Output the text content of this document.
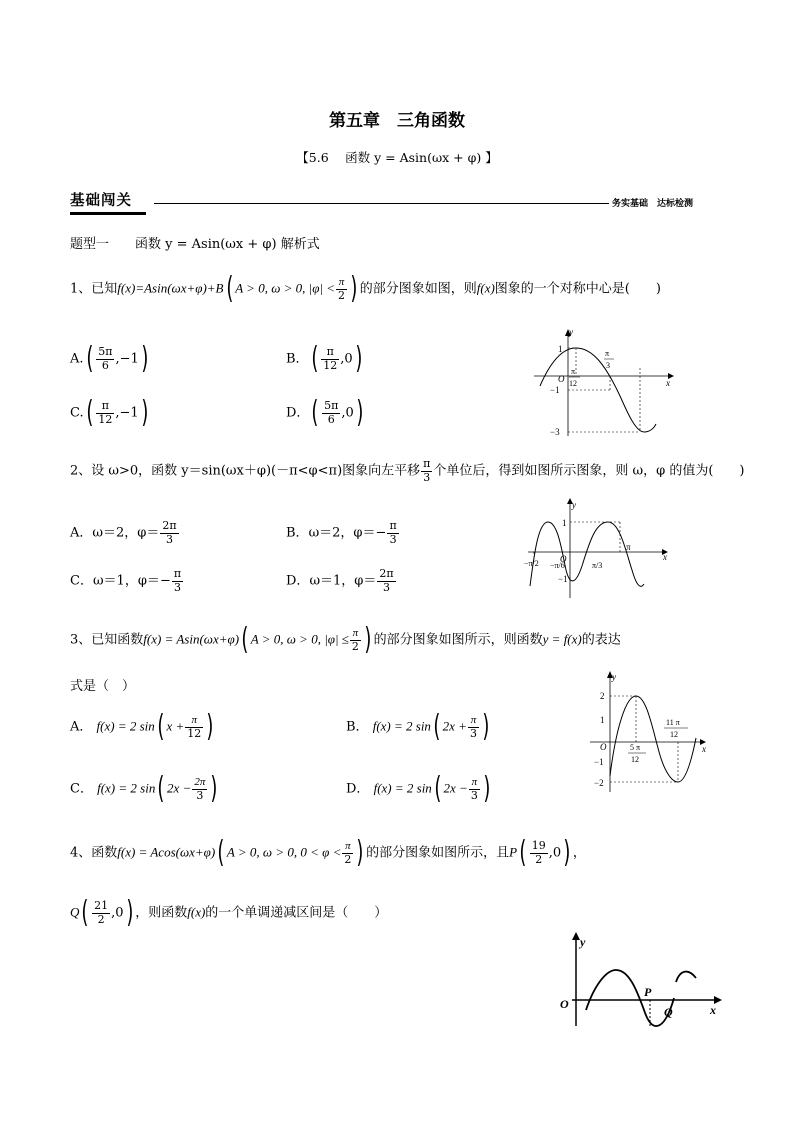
第五章　三角函数
【5.6　 函数 y = Asin(ωx + φ) 】
基础闯关	务实基础　达标检测
题型一　　函数 y = Asin(ωx + φ) 解析式
1、已知f(x)=Asin(ωx+φ)+B( A > 0, ω > 0, $|\varphi| < \frac{\pi}{2}$ ) 的部分图象如图，则f(x)图象的一个对称中心是(　　)
$A.( \frac{5\pi}{6} ,-1)$	B．( $\frac{\pi}{12} ,0$)
$C.( \frac{\pi}{12} ,-1)$	D．( $\frac{5\pi}{6} ,0$)
y
x
1
−1
−3
O
π
12
π
3
2、设 ω>0，函数 y＝sin(ωx＋φ)(－π<φ<π)图象向左平移 $\frac{\pi}{3}$ 个单位后，得到如图所示图象，则 ω，φ 的值为(　　)
A．ω＝2，$\varphi= \frac{2\pi}{3}$	B．ω＝2，$\varphi=- \frac{\pi}{3}$
C．ω＝1，$\varphi=- \frac{\pi}{3}$	D．ω＝1，$\varphi= \frac{2\pi}{3}$
y
x
1
−1
O
π
−π/2 −π/6	π/3
3、已知函数f(x) = Asin(ωx+φ)( A > 0, ω > 0, $|\varphi| \le \frac{\pi}{2}$ ) 的部分图象如图所示，则函数y = f(x)的表达
式是（　）
A． f(x) = 2 sin( $x + \frac{\pi}{12}$ )	B． f(x) = 2 sin( $2x + \frac{\pi}{3}$ )
C． f(x) = 2 sin( $2x - \frac{2\pi}{3}$ )	D． f(x) = 2 sin( $2x - \frac{\pi}{3}$ )
y
x
2
1
−1
−2
O	5 π
12
11 π
12
4、函数f(x) = Acos(ωx+φ)( A > 0, ω > 0, $0 < \varphi < \frac{\pi}{2}$ ) 的部分图象如图所示，且$P( \frac{19}{2} ,0)$ ，
$Q( \frac{21}{2} ,0)$ ，则函数f(x)的一个单调递减区间是（　　）
y
x
O
P
Q
